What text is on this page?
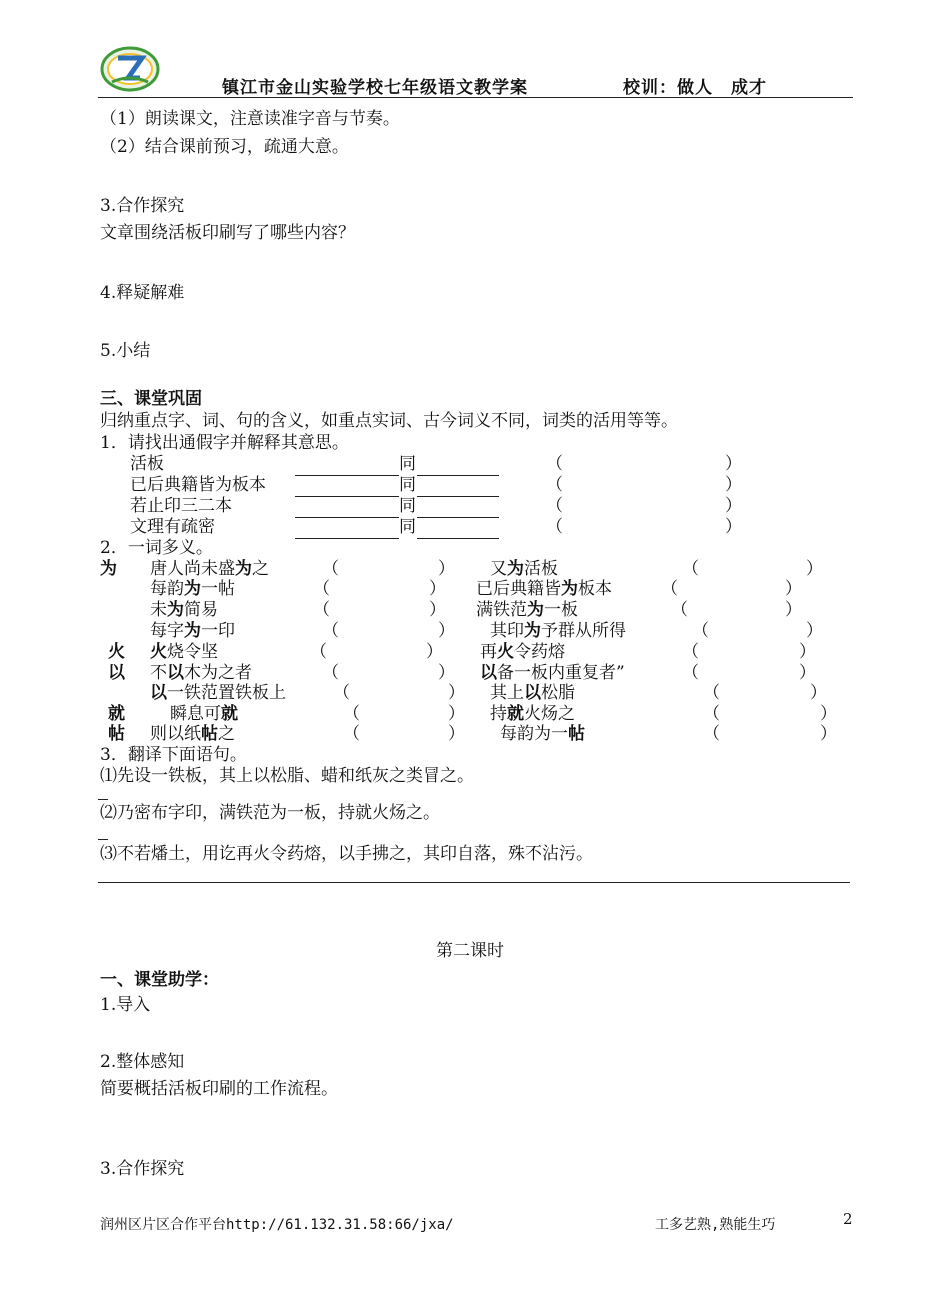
镇江市金山实验学校七年级语文教学案	校训：做人　成才
（1）朗读课文，注意读准字音与节奏。
（2）结合课前预习，疏通大意。
3.合作探究
文章围绕活板印刷写了哪些内容？
4.释疑解难
5.小结
三、课堂巩固
归纳重点字、词、句的含义，如重点实词、古今词义不同，词类的活用等等。
1．请找出通假字并解释其意思。
活板	同	（	）
已后典籍皆为板本	同	（	）
若止印三二本	同	（	）
文理有疏密	同	（	）
2．一词多义。
为 唐人尚未盛为之	（	） 又为活板	（	）
每韵为一帖	（	） 已后典籍皆为板本	（	）
未为简易	（	） 满铁范为一板	（	）
每字为一印	（	） 其印为予群从所得	（	）
火 火烧令坚	（	） 再火令药熔	（	）
以 不以木为之者	（	） 以备一板内重复者”	（	）
以一铁范置铁板上	（	） 其上以松脂	（	）
就	瞬息可就	（	） 持就火炀之	（	）
帖 则以纸帖之	（	） 每韵为一帖	（	）
3．翻译下面语句。
⑴先设一铁板，其上以松脂、蜡和纸灰之类冒之。
⑵乃密布字印，满铁范为一板，持就火炀之。
⑶不若燔土，用讫再火令药熔，以手拂之，其印自落，殊不沾污。
第二课时
一、课堂助学：
1.导入
2.整体感知
简要概括活板印刷的工作流程。
3.合作探究
润州区片区合作平台http://61.132.31.58:66/jxa/	工多艺熟,熟能生巧	2
